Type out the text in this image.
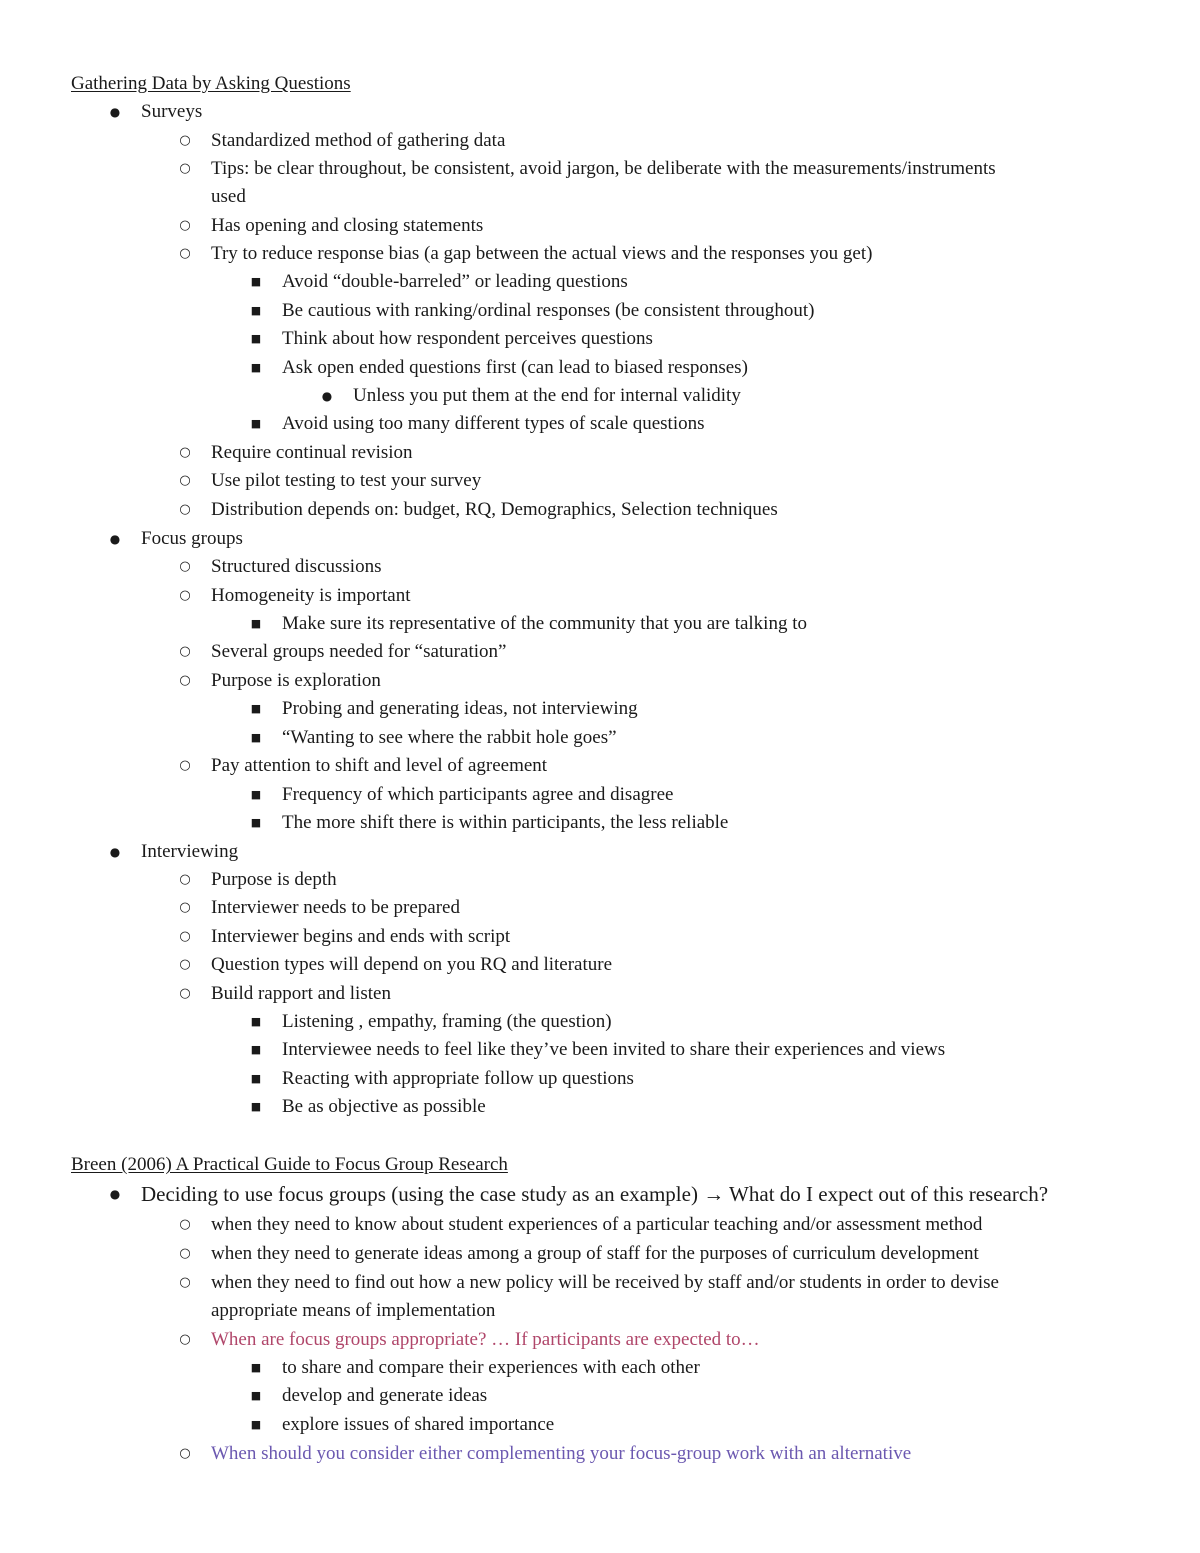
Gathering Data by Asking Questions
● Surveys
○ Standardized method of gathering data
○ Tips: be clear throughout, be consistent, avoid jargon, be deliberate with the measurements/instruments
used
○ Has opening and closing statements
○ Try to reduce response bias (a gap between the actual views and the responses you get)
■ Avoid “double-barreled” or leading questions
■ Be cautious with ranking/ordinal responses (be consistent throughout)
■ Think about how respondent perceives questions
■ Ask open ended questions first (can lead to biased responses)
● Unless you put them at the end for internal validity
■ Avoid using too many different types of scale questions
○ Require continual revision
○ Use pilot testing to test your survey
○ Distribution depends on: budget, RQ, Demographics, Selection techniques
● Focus groups
○ Structured discussions
○ Homogeneity is important
■ Make sure its representative of the community that you are talking to
○ Several groups needed for “saturation”
○ Purpose is exploration
■ Probing and generating ideas, not interviewing
■ “Wanting to see where the rabbit hole goes”
○ Pay attention to shift and level of agreement
■ Frequency of which participants agree and disagree
■ The more shift there is within participants, the less reliable
● Interviewing
○ Purpose is depth
○ Interviewer needs to be prepared
○ Interviewer begins and ends with script
○ Question types will depend on you RQ and literature
○ Build rapport and listen
■ Listening , empathy, framing (the question)
■ Interviewee needs to feel like they’ve been invited to share their experiences and views
■ Reacting with appropriate follow up questions
■ Be as objective as possible
Breen (2006) A Practical Guide to Focus Group Research
● Deciding to use focus groups (using the case study as an example) → What do I expect out of this research?
○ when they need to know about student experiences of a particular teaching and/or assessment method
○ when they need to generate ideas among a group of staff for the purposes of curriculum development
○ when they need to find out how a new policy will be received by staff and/or students in order to devise
appropriate means of implementation
○ When are focus groups appropriate? … If participants are expected to…
■ to share and compare their experiences with each other
■ develop and generate ideas
■ explore issues of shared importance
○ When should you consider either complementing your focus-group work with an alternative
